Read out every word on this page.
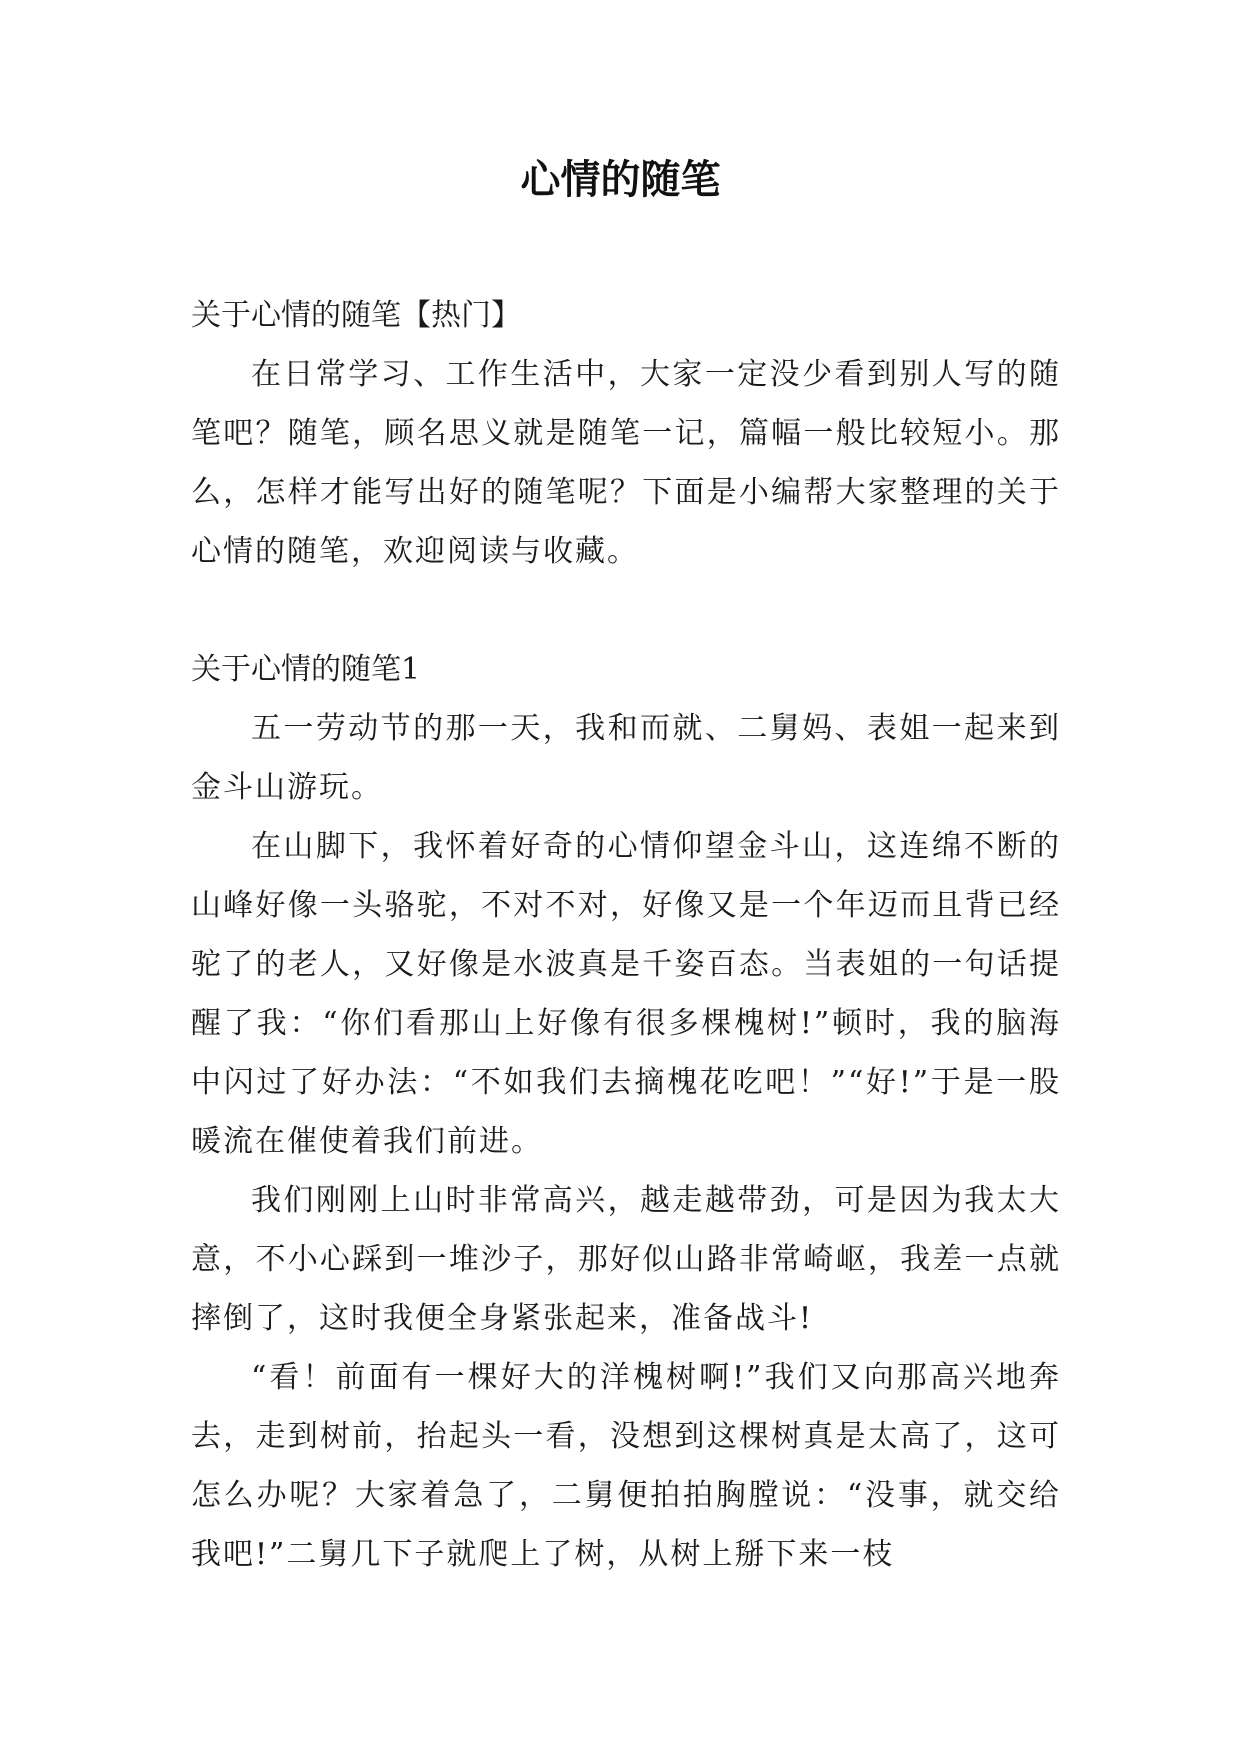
心情的随笔

关于心情的随笔【热门】

在日常学习、工作生活中，大家一定没少看到别人写的随笔吧？随笔，顾名思义就是随笔一记，篇幅一般比较短小。那么，怎样才能写出好的随笔呢？下面是小编帮大家整理的关于心情的随笔，欢迎阅读与收藏。

关于心情的随笔1

五一劳动节的那一天，我和而就、二舅妈、表姐一起来到金斗山游玩。

在山脚下，我怀着好奇的心情仰望金斗山，这连绵不断的山峰好像一头骆驼，不对不对，好像又是一个年迈而且背已经驼了的老人，又好像是水波真是千姿百态。当表姐的一句话提醒了我：“你们看那山上好像有很多棵槐树!”顿时，我的脑海中闪过了好办法：“不如我们去摘槐花吃吧！”“好!”于是一股暖流在催使着我们前进。

我们刚刚上山时非常高兴，越走越带劲，可是因为我太大意，不小心踩到一堆沙子，那好似山路非常崎岖，我差一点就摔倒了，这时我便全身紧张起来，准备战斗!

“看！前面有一棵好大的洋槐树啊!”我们又向那高兴地奔去，走到树前，抬起头一看，没想到这棵树真是太高了，这可怎么办呢？大家着急了，二舅便拍拍胸膛说：“没事，就交给我吧!”二舅几下子就爬上了树，从树上掰下来一枝
